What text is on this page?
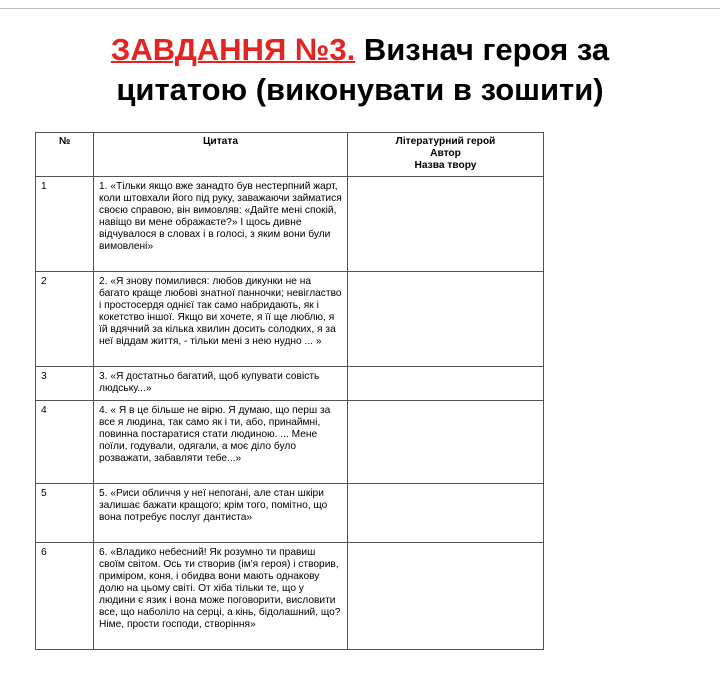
ЗАВДАННЯ №3. Визнач героя за
цитатою (виконувати в зошити)
№	Цитата	Літературний герой
Автор
Назва твору

1	1. «Тільки якщо вже занадто був нестерпний жарт, коли штовхали його під руку, заважаючи займатися своєю справою, він вимовляв: «Дайте мені спокій, навіщо ви мене ображаєте?» І щось дивне відчувалося в словах і в голосі, з яким вони були вимовлені»	
2	2. «Я знову помилився: любов дикунки не на багато краще любові знатної панночки; невігластво і простосердя однієї так само набридають, як і кокетство іншої. Якщо ви хочете, я її ще люблю, я їй вдячний за кілька хвилин досить солодких, я за неї віддам життя, - тільки мені з нею нудно ... »	
3	3. «Я достатньо багатий, щоб купувати совість людську...»	
4	4. « Я в це більше не вірю. Я думаю, що перш за все я людина, так само як і ти, або, принаймні, повинна постаратися стати людиною. ... Мене поїли, годували, одягали, а моє діло було розважати, забавляти тебе...»	
5	5. «Риси обличчя у неї непогані, але стан шкіри залишає бажати кращого; крім того, помітно, що вона потребує послуг дантиста»	
6	6. «Владико небесний! Як розумно ти правиш своїм світом. Ось ти створив (ім'я героя) і створив, приміром, коня, і обидва вони мають однакову долю на цьому світі. От хіба тільки те, що у людини є язик і вона може поговорити, висловити все, що наболіло на серці, а кінь, бідолашний, що? Німе, прости господи, створіння»	
